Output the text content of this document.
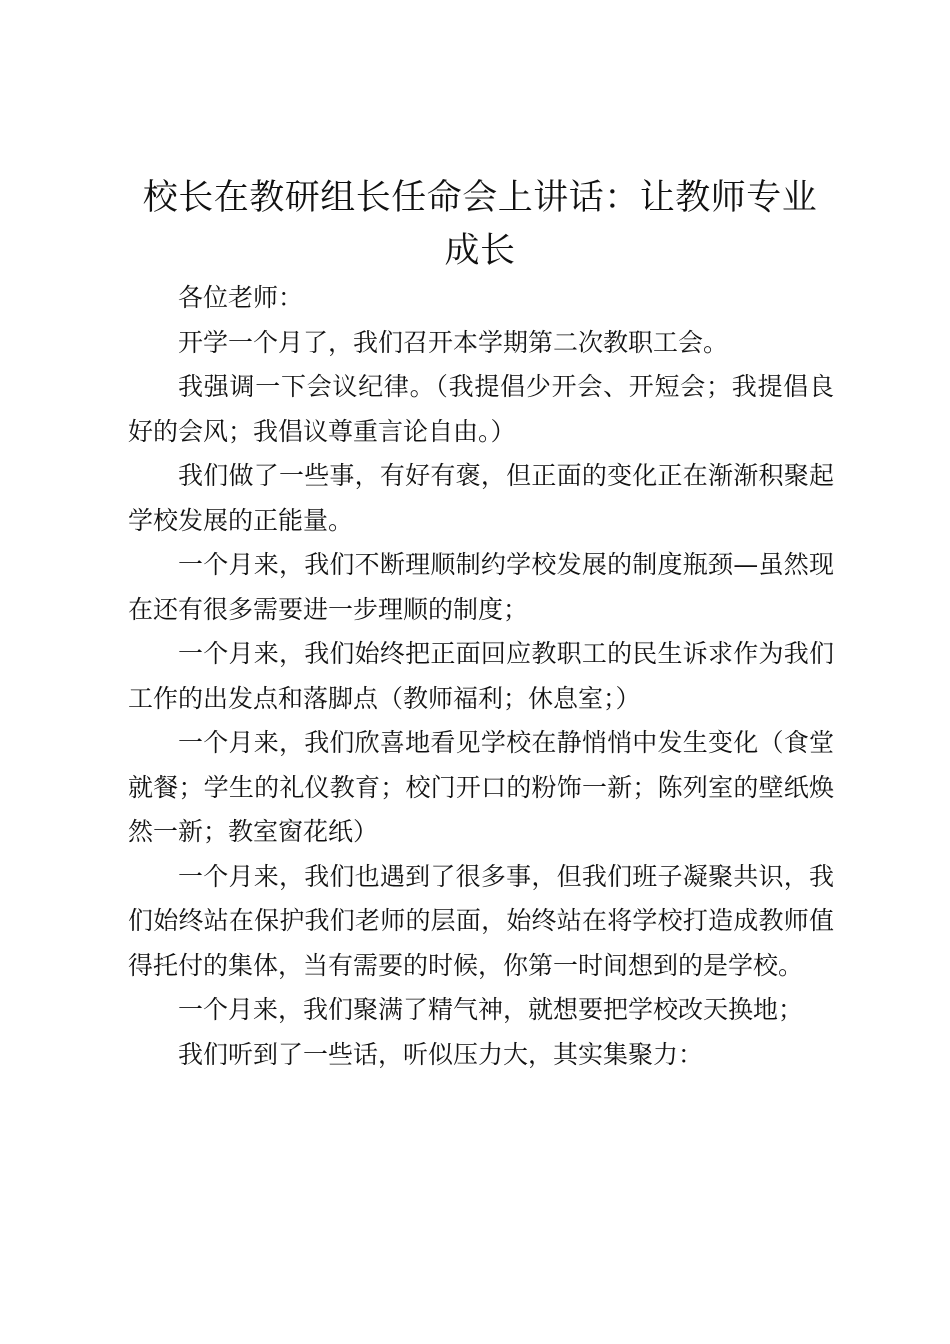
校长在教研组长任命会上讲话：让教师专业成长

各位老师：

开学一个月了，我们召开本学期第二次教职工会。

我强调一下会议纪律。（我提倡少开会、开短会；我提倡良好的会风；我倡议尊重言论自由。）

我们做了一些事，有好有褒，但正面的变化正在渐渐积聚起学校发展的正能量。

一个月来，我们不断理顺制约学校发展的制度瓶颈—虽然现在还有很多需要进一步理顺的制度；

一个月来，我们始终把正面回应教职工的民生诉求作为我们工作的出发点和落脚点（教师福利；休息室；）

一个月来，我们欣喜地看见学校在静悄悄中发生变化（食堂就餐；学生的礼仪教育；校门开口的粉饰一新；陈列室的壁纸焕然一新；教室窗花纸）

一个月来，我们也遇到了很多事，但我们班子凝聚共识，我们始终站在保护我们老师的层面，始终站在将学校打造成教师值得托付的集体，当有需要的时候，你第一时间想到的是学校。

一个月来，我们聚满了精气神，就想要把学校改天换地；

我们听到了一些话，听似压力大，其实集聚力：
